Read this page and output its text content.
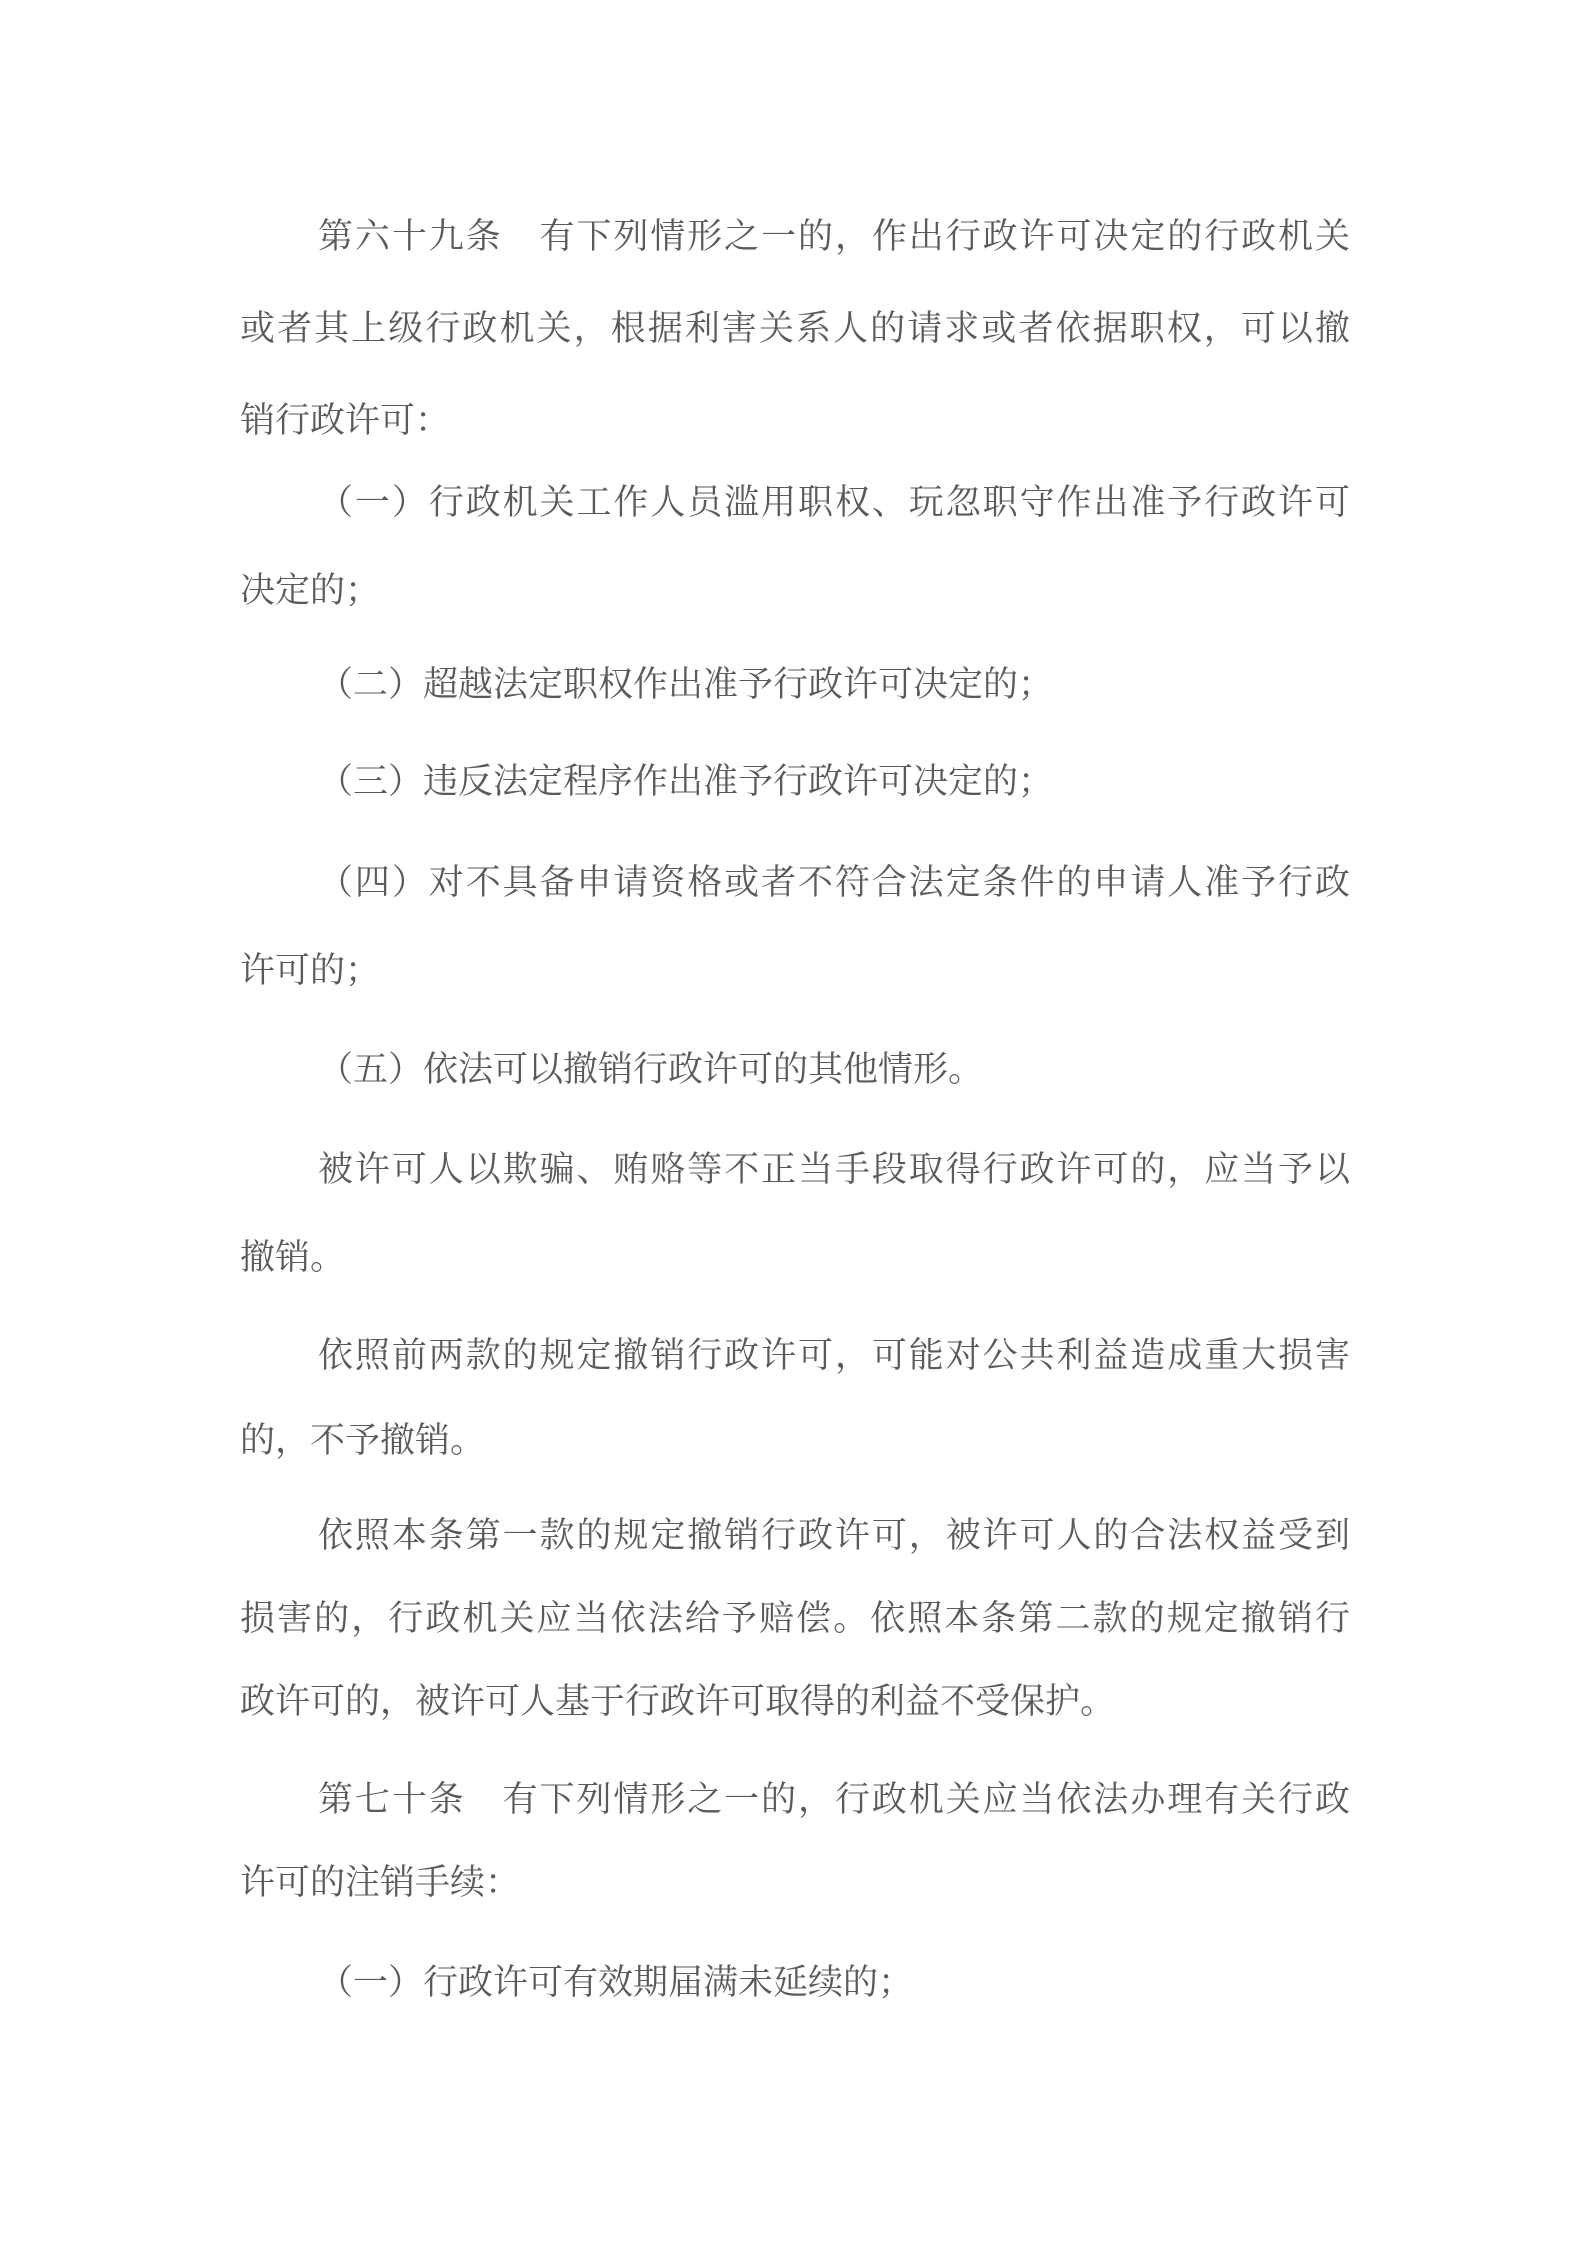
第六十九条　有下列情形之一的，作出行政许可决定的行政机关
或者其上级行政机关，根据利害关系人的请求或者依据职权，可以撤
销行政许可：
（一）行政机关工作人员滥用职权、玩忽职守作出准予行政许可
决定的；
（二）超越法定职权作出准予行政许可决定的；
（三）违反法定程序作出准予行政许可决定的；
（四）对不具备申请资格或者不符合法定条件的申请人准予行政
许可的；
（五）依法可以撤销行政许可的其他情形。
被许可人以欺骗、贿赂等不正当手段取得行政许可的，应当予以
撤销。
依照前两款的规定撤销行政许可，可能对公共利益造成重大损害
的，不予撤销。
依照本条第一款的规定撤销行政许可，被许可人的合法权益受到
损害的，行政机关应当依法给予赔偿。依照本条第二款的规定撤销行
政许可的，被许可人基于行政许可取得的利益不受保护。
第七十条　有下列情形之一的，行政机关应当依法办理有关行政
许可的注销手续：
（一）行政许可有效期届满未延续的；
